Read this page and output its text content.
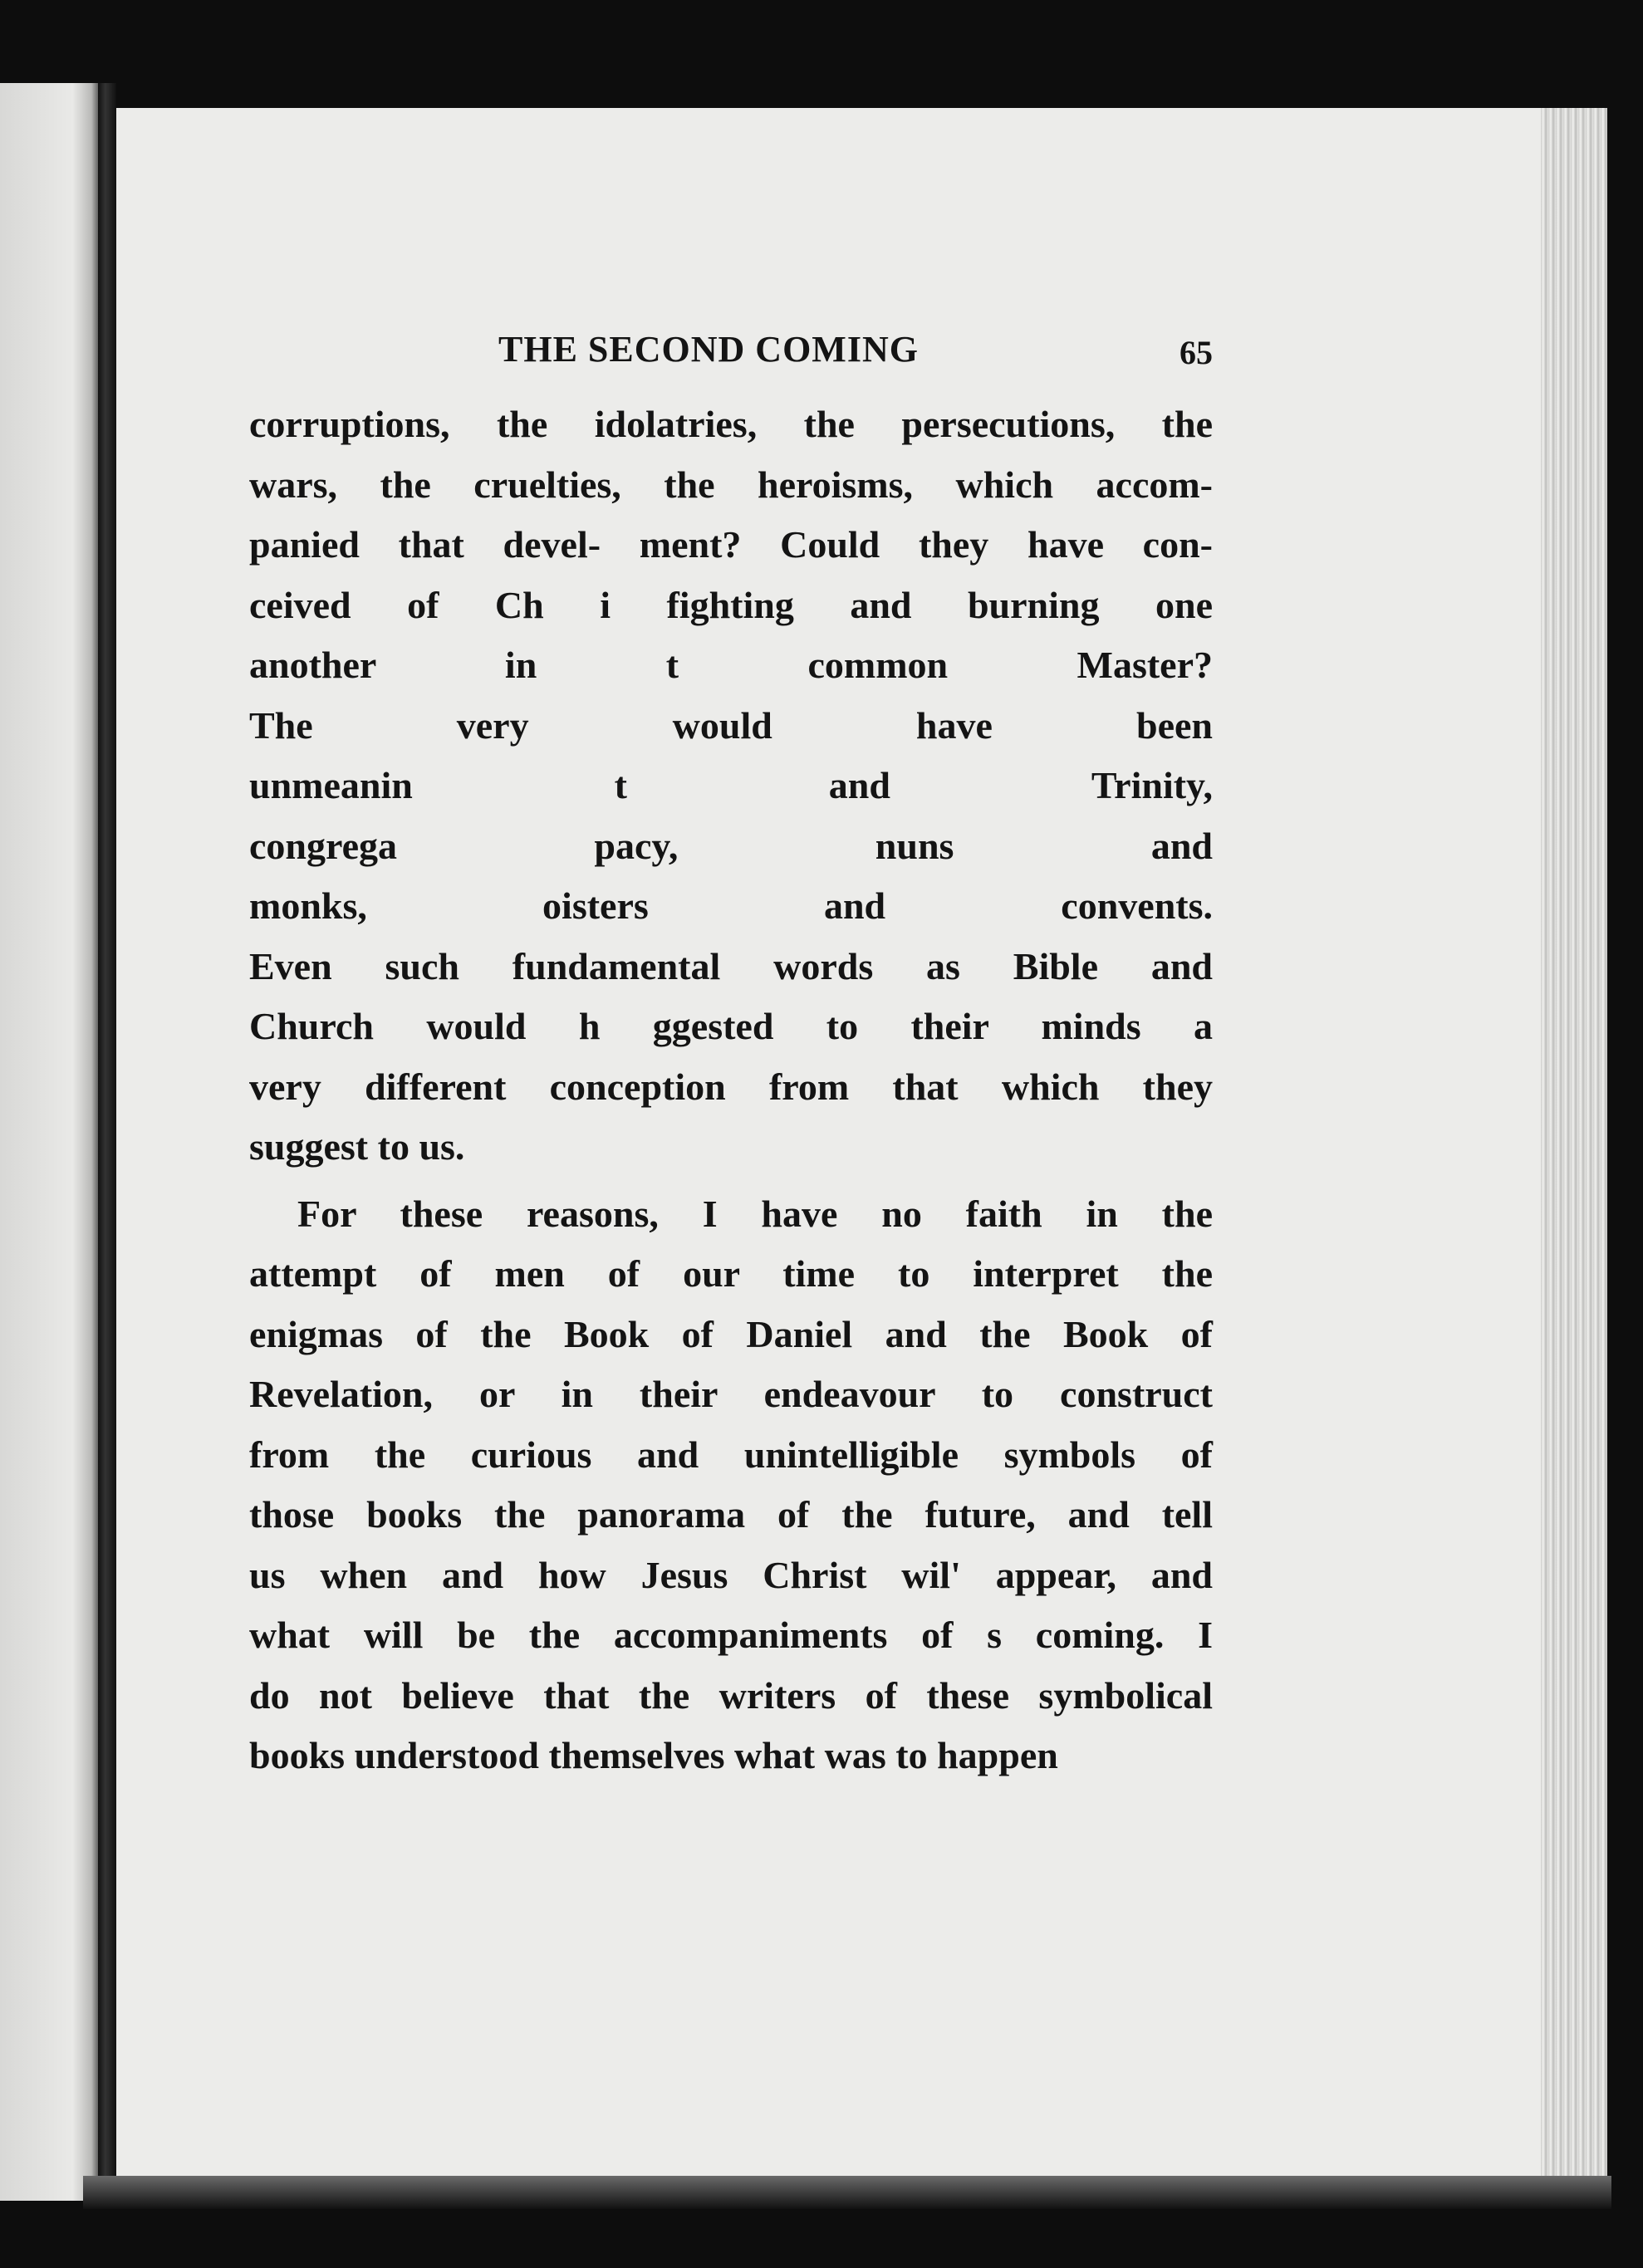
THE SECOND COMING	65

corruptions, the idolatries, the persecutions, the
wars, the cruelties, the heroisms, which accom-
panied that devel‐ ment? Could they have con-
ceived of Ch i fighting and burning one
another in t common Master?
The very would have been
unmeanin t and Trinity,
congrega pacy, nuns and
monks, oisters and convents.
Even such fundamental words as Bible and
Church would h ggested to their minds a
very different conception from that which they
suggest to us.

For these reasons, I have no faith in the
attempt of men of our time to interpret the
enigmas of the Book of Daniel and the Book of
Revelation, or in their endeavour to construct
from the curious and unintelligible symbols of
those books the panorama of the future, and tell
us when and how Jesus Christ wil' appear, and
what will be the accompaniments of s coming. I
do not believe that the writers of these symbolical
books understood themselves what was to happen
